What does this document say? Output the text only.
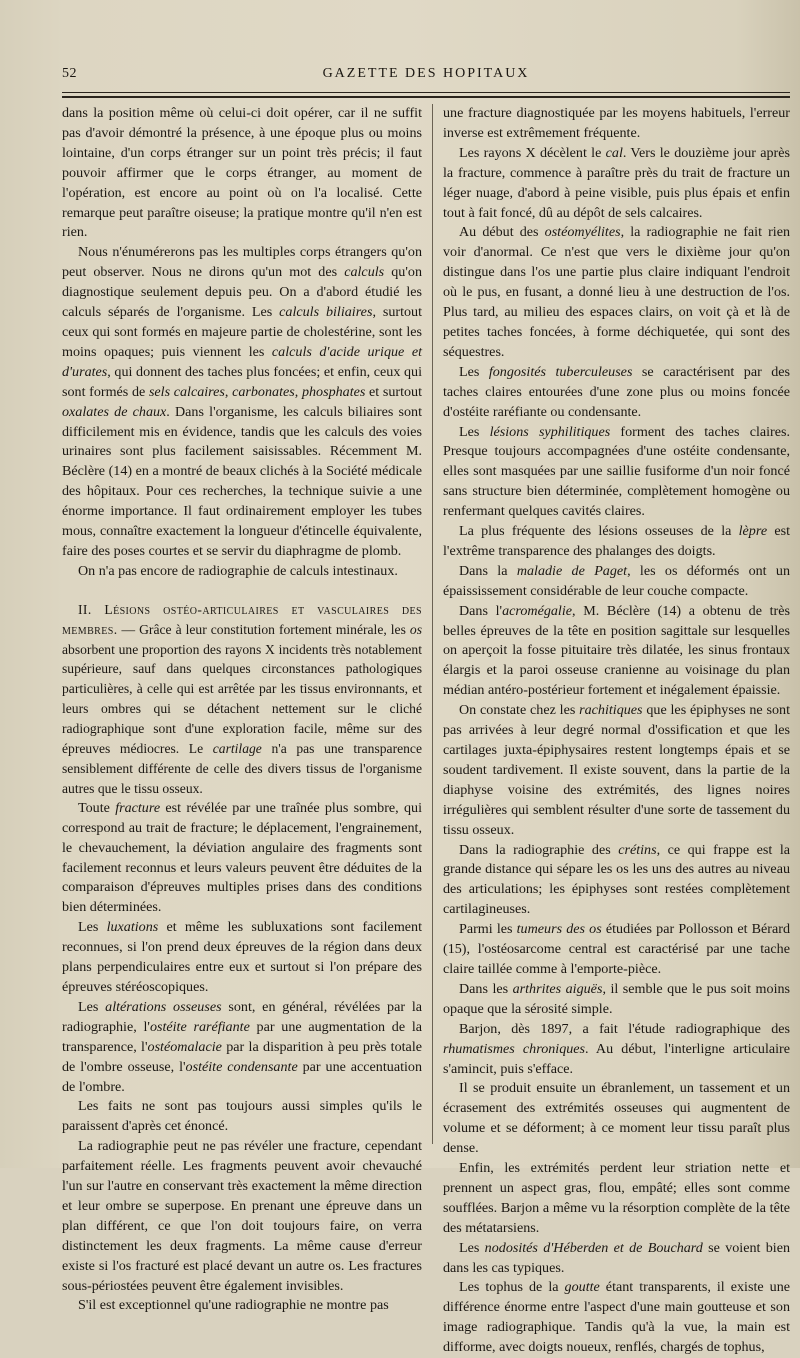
52	GAZETTE DES HOPITAUX

dans la position même où celui-ci doit opérer, car il ne suffit pas d'avoir démontré la présence, à une époque plus ou moins lointaine, d'un corps étranger sur un point très précis; il faut pouvoir affirmer que le corps étranger, au moment de l'opération, est encore au point où on l'a localisé. Cette remarque peut paraître oiseuse; la pratique montre qu'il n'en est rien.

Nous n'énumérerons pas les multiples corps étrangers qu'on peut observer. Nous ne dirons qu'un mot des calculs qu'on diagnostique seulement depuis peu. On a d'abord étudié les calculs séparés de l'organisme. Les calculs biliaires, surtout ceux qui sont formés en majeure partie de cholestérine, sont les moins opaques; puis viennent les calculs d'acide urique et d'urates, qui donnent des taches plus foncées; et enfin, ceux qui sont formés de sels calcaires, carbonates, phosphates et surtout oxalates de chaux. Dans l'organisme, les calculs biliaires sont difficilement mis en évidence, tandis que les calculs des voies urinaires sont plus facilement saisissables. Récemment M. Béclère (14) en a montré de beaux clichés à la Société médicale des hôpitaux. Pour ces recherches, la technique suivie a une énorme importance. Il faut ordinairement employer les tubes mous, connaître exactement la longueur d'étincelle équivalente, faire des poses courtes et se servir du diaphragme de plomb.

On n'a pas encore de radiographie de calculs intestinaux.

II. Lésions ostéo-articulaires et vasculaires des membres. — Grâce à leur constitution fortement minérale, les os absorbent une proportion des rayons X incidents très notablement supérieure, sauf dans quelques circonstances pathologiques particulières, à celle qui est arrêtée par les tissus environnants, et leurs ombres qui se détachent nettement sur le cliché radiographique sont d'une exploration facile, même sur des épreuves médiocres. Le cartilage n'a pas une transparence sensiblement différente de celle des divers tissus de l'organisme autres que le tissu osseux.

Toute fracture est révélée par une traînée plus sombre, qui correspond au trait de fracture; le déplacement, l'engrainement, le chevauchement, la déviation angulaire des fragments sont facilement reconnus et leurs valeurs peuvent être déduites de la comparaison d'épreuves multiples prises dans des conditions bien déterminées.

Les luxations et même les subluxations sont facilement reconnues, si l'on prend deux épreuves de la région dans deux plans perpendiculaires entre eux et surtout si l'on prépare des épreuves stéréoscopiques.

Les altérations osseuses sont, en général, révélées par la radiographie, l'ostéite raréfiante par une augmentation de la transparence, l'ostéomalacie par la disparition à peu près totale de l'ombre osseuse, l'ostéite condensante par une accentuation de l'ombre.

Les faits ne sont pas toujours aussi simples qu'ils le paraissent d'après cet énoncé.

La radiographie peut ne pas révéler une fracture, cependant parfaitement réelle. Les fragments peuvent avoir chevauché l'un sur l'autre en conservant très exactement la même direction et leur ombre se superpose. En prenant une épreuve dans un plan différent, ce que l'on doit toujours faire, on verra distinctement les deux fragments. La même cause d'erreur existe si l'os fracturé est placé devant un autre os. Les fractures sous-périostées peuvent être également invisibles.

S'il est exceptionnel qu'une radiographie ne montre pas

une fracture diagnostiquée par les moyens habituels, l'erreur inverse est extrêmement fréquente.

Les rayons X décèlent le cal. Vers le douzième jour après la fracture, commence à paraître près du trait de fracture un léger nuage, d'abord à peine visible, puis plus épais et enfin tout à fait foncé, dû au dépôt de sels calcaires.

Au début des ostéomyélites, la radiographie ne fait rien voir d'anormal. Ce n'est que vers le dixième jour qu'on distingue dans l'os une partie plus claire indiquant l'endroit où le pus, en fusant, a donné lieu à une destruction de l'os. Plus tard, au milieu des espaces clairs, on voit çà et là de petites taches foncées, à forme déchiquetée, qui sont des séquestres.

Les fongosités tuberculeuses se caractérisent par des taches claires entourées d'une zone plus ou moins foncée d'ostéite raréfiante ou condensante.

Les lésions syphilitiques forment des taches claires. Presque toujours accompagnées d'une ostéite condensante, elles sont masquées par une saillie fusiforme d'un noir foncé sans structure bien déterminée, complètement homogène ou renfermant quelques cavités claires.

La plus fréquente des lésions osseuses de la lèpre est l'extrême transparence des phalanges des doigts.

Dans la maladie de Paget, les os déformés ont un épaississement considérable de leur couche compacte.

Dans l'acromégalie, M. Béclère (14) a obtenu de très belles épreuves de la tête en position sagittale sur lesquelles on aperçoit la fosse pituitaire très dilatée, les sinus frontaux élargis et la paroi osseuse cranienne au voisinage du plan médian antéro-postérieur fortement et inégalement épaissie.

On constate chez les rachitiques que les épiphyses ne sont pas arrivées à leur degré normal d'ossification et que les cartilages juxta-épiphysaires restent longtemps épais et se soudent tardivement. Il existe souvent, dans la partie de la diaphyse voisine des extrémités, des lignes noires irrégulières qui semblent résulter d'une sorte de tassement du tissu osseux.

Dans la radiographie des crétins, ce qui frappe est la grande distance qui sépare les os les uns des autres au niveau des articulations; les épiphyses sont restées complètement cartilagineuses.

Parmi les tumeurs des os étudiées par Pollosson et Bérard (15), l'ostéosarcome central est caractérisé par une tache claire taillée comme à l'emporte-pièce.

Dans les arthrites aiguës, il semble que le pus soit moins opaque que la sérosité simple.

Barjon, dès 1897, a fait l'étude radiographique des rhumatismes chroniques. Au début, l'interligne articulaire s'amincit, puis s'efface.

Il se produit ensuite un ébranlement, un tassement et un écrasement des extrémités osseuses qui augmentent de volume et se déforment; à ce moment leur tissu paraît plus dense.

Enfin, les extrémités perdent leur striation nette et prennent un aspect gras, flou, empâté; elles sont comme soufflées. Barjon a même vu la résorption complète de la tête des métatarsiens.

Les nodosités d'Héberden et de Bouchard se voient bien dans les cas typiques.

Les tophus de la goutte étant transparents, il existe une différence énorme entre l'aspect d'une main goutteuse et son image radiographique. Tandis qu'à la vue, la main est difforme, avec doigts noueux, renflés, chargés de tophus,
